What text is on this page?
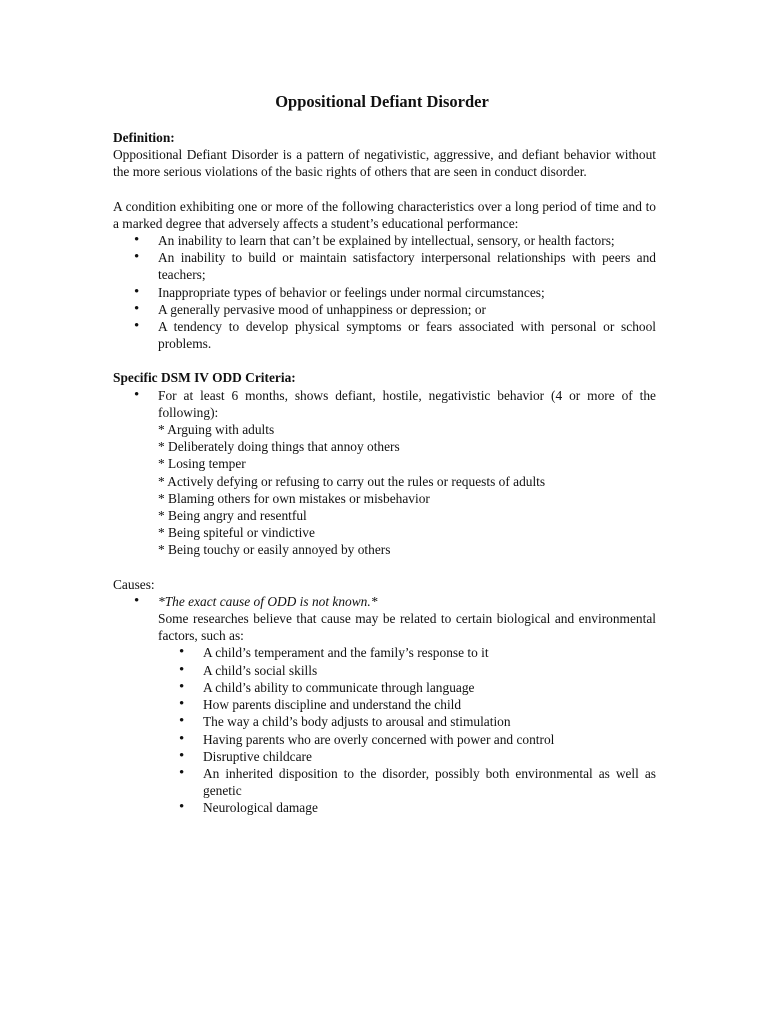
Oppositional Defiant Disorder
Definition:
Oppositional Defiant Disorder is a pattern of negativistic, aggressive, and defiant behavior without the more serious violations of the basic rights of others that are seen in conduct disorder.
A condition exhibiting one or more of the following characteristics over a long period of time and to a marked degree that adversely affects a student’s educational performance:
• An inability to learn that can’t be explained by intellectual, sensory, or health factors;
• An inability to build or maintain satisfactory interpersonal relationships with peers and teachers;
• Inappropriate types of behavior or feelings under normal circumstances;
• A generally pervasive mood of unhappiness or depression; or
• A tendency to develop physical symptoms or fears associated with personal or school problems.
Specific DSM IV ODD Criteria:
• For at least 6 months, shows defiant, hostile, negativistic behavior (4 or more of the following):
* Arguing with adults
* Deliberately doing things that annoy others
* Losing temper
* Actively defying or refusing to carry out the rules or requests of adults
* Blaming others for own mistakes or misbehavior
* Being angry and resentful
* Being spiteful or vindictive
* Being touchy or easily annoyed by others
Causes:
• *The exact cause of ODD is not known.*
Some researches believe that cause may be related to certain biological and environmental factors, such as:
• A child’s temperament and the family’s response to it
• A child’s social skills
• A child’s ability to communicate through language
• How parents discipline and understand the child
• The way a child’s body adjusts to arousal and stimulation
• Having parents who are overly concerned with power and control
• Disruptive childcare
• An inherited disposition to the disorder, possibly both environmental as well as genetic
• Neurological damage
